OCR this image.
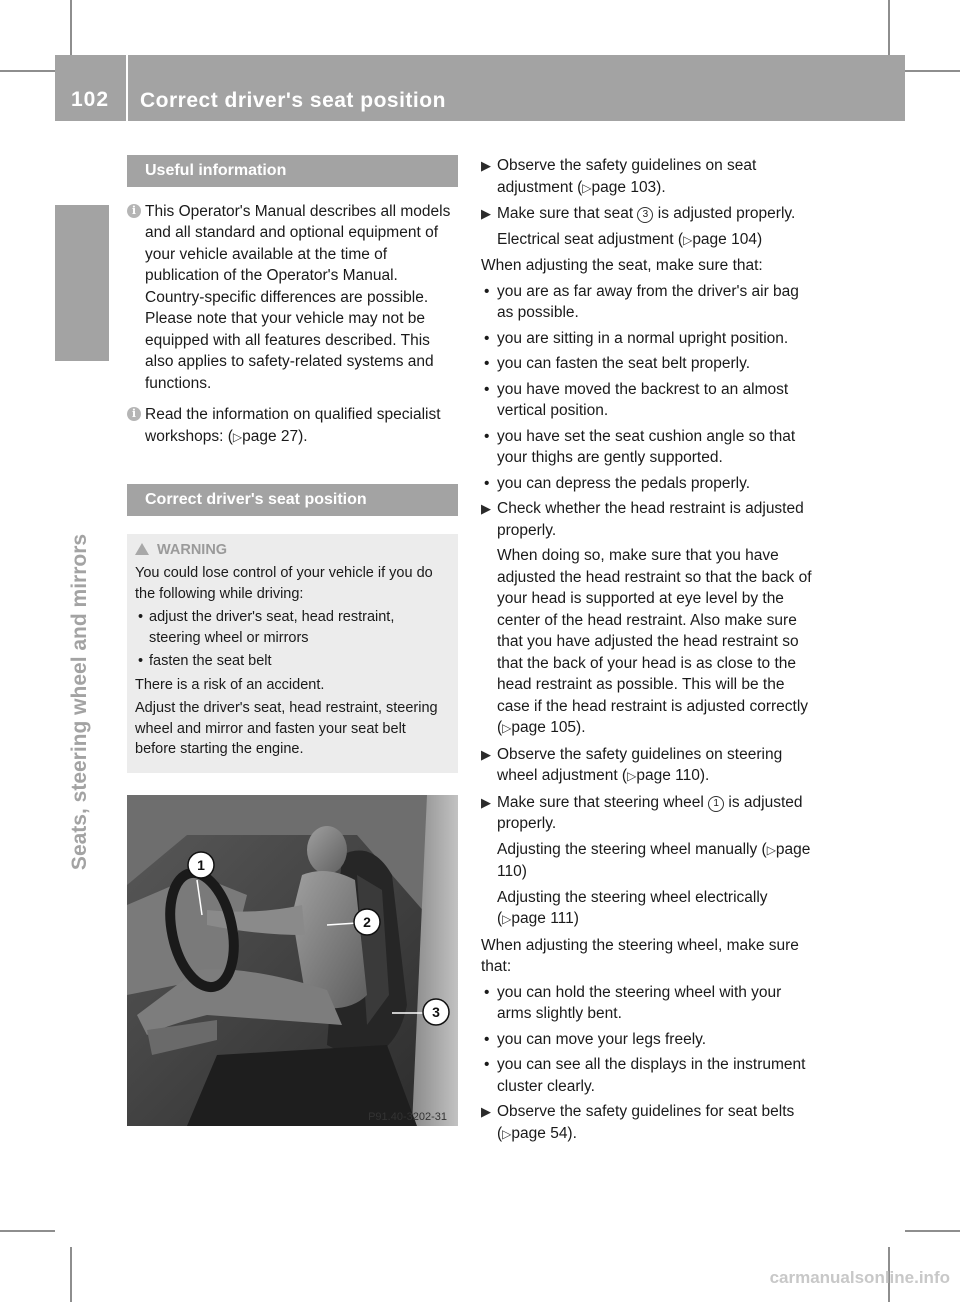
102	Correct driver's seat position
Seats, steering wheel and mirrors
Useful information

i This Operator's Manual describes all models and all standard and optional equipment of your vehicle available at the time of publication of the Operator's Manual. Country-specific differences are possible. Please note that your vehicle may not be equipped with all features described. This also applies to safety-related systems and functions.

i Read the information on qualified specialist workshops: (▷page 27).

Correct driver's seat position
WARNING

You could lose control of your vehicle if you do the following while driving:

• adjust the driver's seat, head restraint, steering wheel or mirrors

• fasten the seat belt

There is a risk of an accident.

Adjust the driver's seat, head restraint, steering wheel and mirror and fasten your seat belt before starting the engine.

1
2
3
P91.40-3202-31

▶ Observe the safety guidelines on seat adjustment (▷page 103).

▶ Make sure that seat 3 is adjusted properly.

Electrical seat adjustment (▷page 104)

When adjusting the seat, make sure that:

• you are as far away from the driver's air bag as possible.

• you are sitting in a normal upright position.

• you can fasten the seat belt properly.

• you have moved the backrest to an almost vertical position.

• you have set the seat cushion angle so that your thighs are gently supported.

• you can depress the pedals properly.

▶ Check whether the head restraint is adjusted properly.

When doing so, make sure that you have adjusted the head restraint so that the back of your head is supported at eye level by the center of the head restraint. Also make sure that you have adjusted the head restraint so that the back of your head is as close to the head restraint as possible. This will be the case if the head restraint is adjusted correctly (▷page 105).

▶ Observe the safety guidelines on steering wheel adjustment (▷page 110).

▶ Make sure that steering wheel 1 is adjusted properly.

Adjusting the steering wheel manually (▷page 110)

Adjusting the steering wheel electrically (▷page 111)

When adjusting the steering wheel, make sure that:

• you can hold the steering wheel with your arms slightly bent.

• you can move your legs freely.

• you can see all the displays in the instrument cluster clearly.

▶ Observe the safety guidelines for seat belts (▷page 54).

carmanualsonline.info
